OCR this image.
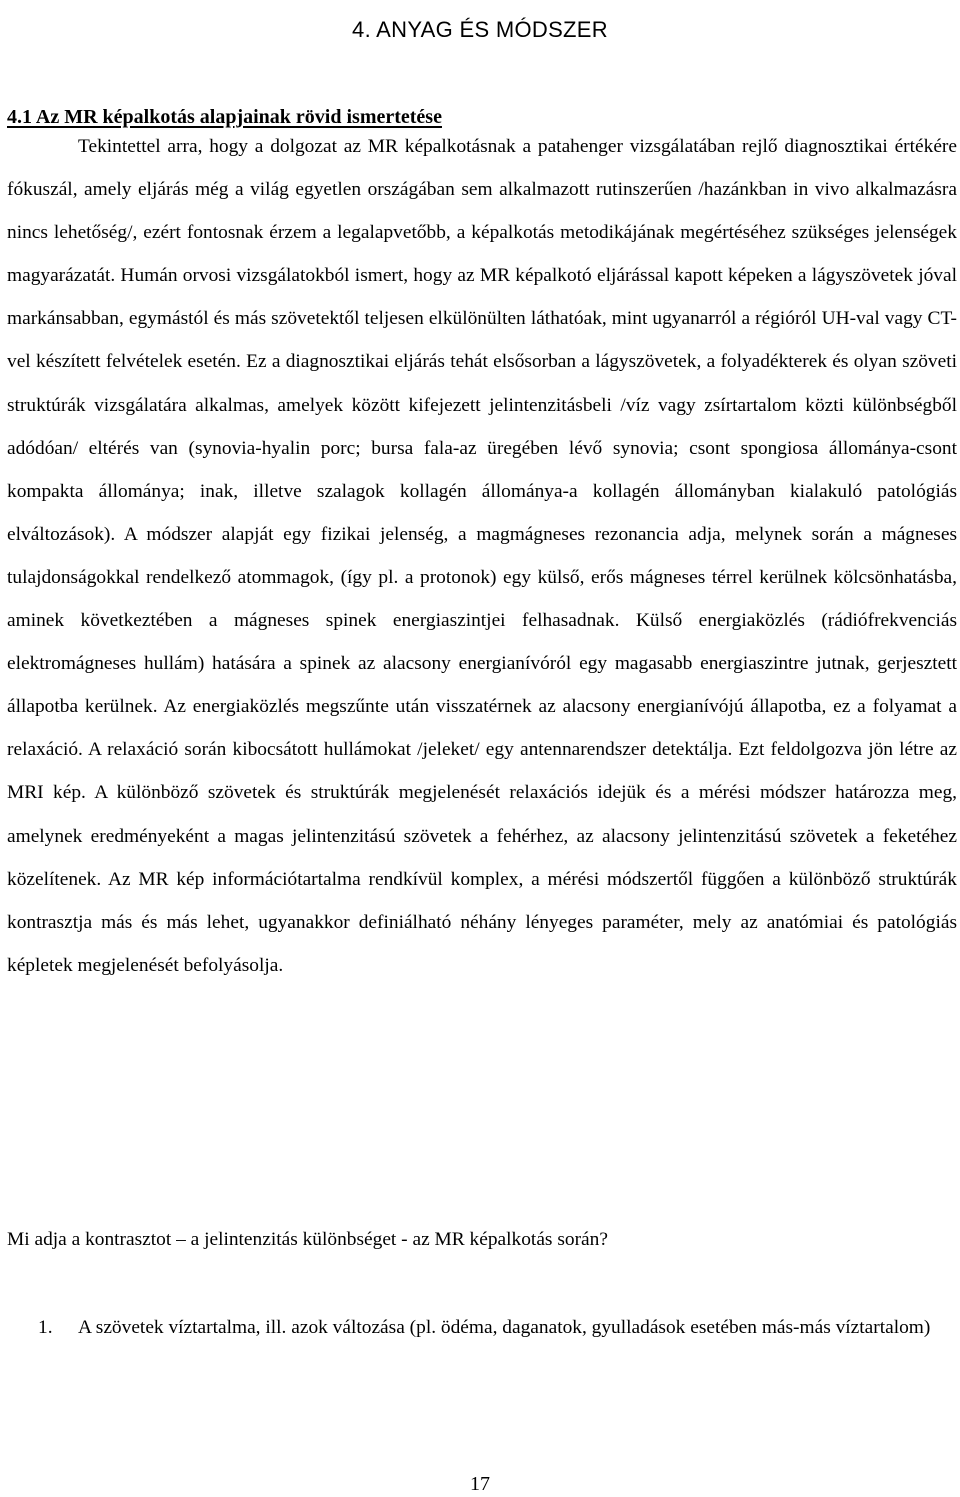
4. ANYAG ÉS MÓDSZER
4.1 Az MR képalkotás alapjainak rövid ismertetése

Tekintettel arra, hogy a dolgozat az MR képalkotásnak a patahenger vizsgálatában rejlő diagnosztikai értékére fókuszál, amely eljárás még a világ egyetlen országában sem alkalmazott rutinszerűen /hazánkban in vivo alkalmazásra nincs lehetőség/, ezért fontosnak érzem a legalapvetőbb, a képalkotás metodikájának megértéséhez szükséges jelenségek magyarázatát. Humán orvosi vizsgálatokból ismert, hogy az MR képalkotó eljárással kapott képeken a lágyszövetek jóval markánsabban, egymástól és más szövetektől teljesen elkülönülten láthatóak, mint ugyanarról a régióról UH-val vagy CT-vel készített felvételek esetén. Ez a diagnosztikai eljárás tehát elsősorban a lágyszövetek, a folyadékterek és olyan szöveti struktúrák vizsgálatára alkalmas, amelyek között kifejezett jelintenzitásbeli /víz vagy zsírtartalom közti különbségből adódóan/ eltérés van (synovia-hyalin porc; bursa fala-az üregében lévő synovia; csont spongiosa állománya-csont kompakta állománya; inak, illetve szalagok kollagén állománya-a kollagén állományban kialakuló patológiás elváltozások). A módszer alapját egy fizikai jelenség, a magmágneses rezonancia adja, melynek során a mágneses tulajdonságokkal rendelkező atommagok, (így pl. a protonok) egy külső, erős mágneses térrel kerülnek kölcsönhatásba, aminek következtében a mágneses spinek energiaszintjei felhasadnak. Külső energiaközlés (rádiófrekvenciás elektromágneses hullám) hatására a spinek az alacsony energianívóról egy magasabb energiaszintre jutnak, gerjesztett állapotba kerülnek. Az energiaközlés megszűnte után visszatérnek az alacsony energianívójú állapotba, ez a folyamat a relaxáció. A relaxáció során kibocsátott hullámokat /jeleket/ egy antennarendszer detektálja. Ezt feldolgozva jön létre az MRI kép. A különböző szövetek és struktúrák megjelenését relaxációs idejük és a mérési módszer határozza meg, amelynek eredményeként a magas jelintenzitású szövetek a fehérhez, az alacsony jelintenzitású szövetek a feketéhez közelítenek. Az MR kép információtartalma rendkívül komplex, a mérési módszertől függően a különböző struktúrák kontrasztja más és más lehet, ugyanakkor definiálható néhány lényeges paraméter, mely az anatómiai és patológiás képletek megjelenését befolyásolja.

Mi adja a kontrasztot – a jelintenzitás különbséget - az MR képalkotás során?
1. A szövetek víztartalma, ill. azok változása (pl. ödéma, daganatok, gyulladások esetében más-más víztartalom)
17
